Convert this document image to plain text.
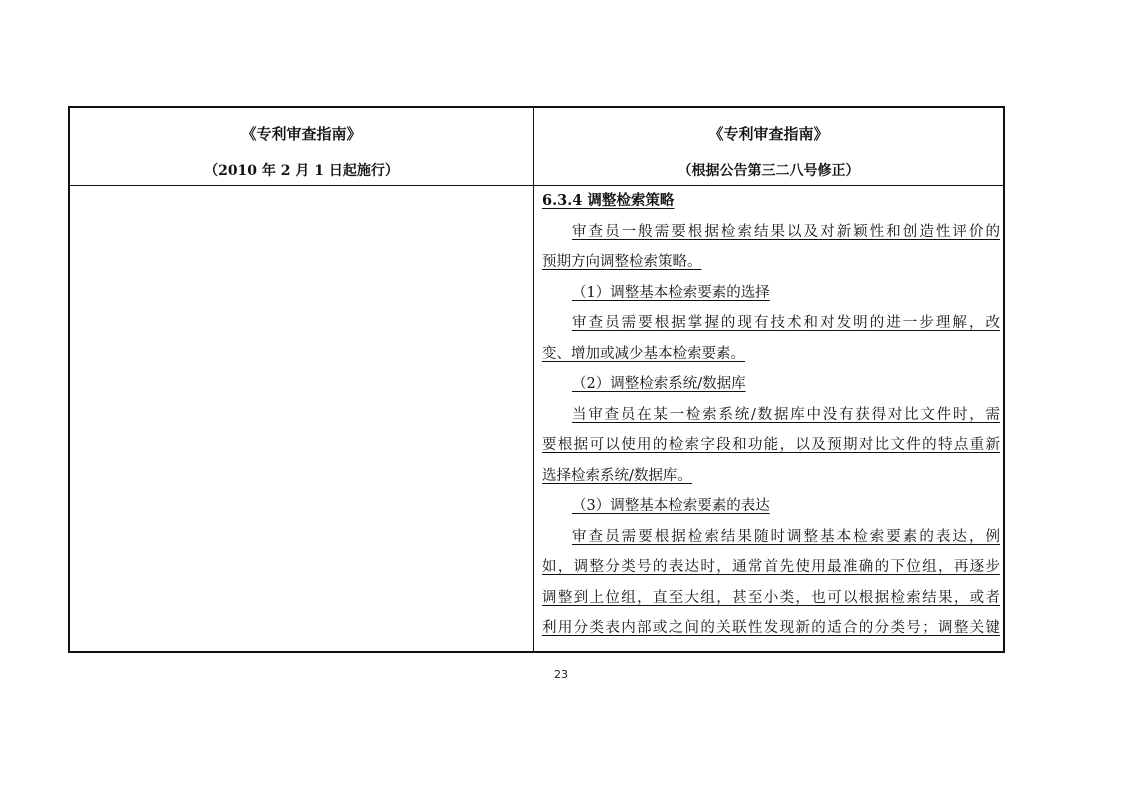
《专利审查指南》
（2010 年 2 月 1 日起施行）
《专利审查指南》
（根据公告第三二八号修正）
6.3.4 调整检索策略
审查员一般需要根据检索结果以及对新颖性和创造性评价的
预期方向调整检索策略。
（1）调整基本检索要素的选择
审查员需要根据掌握的现有技术和对发明的进一步理解，改
变、增加或减少基本检索要素。
（2）调整检索系统/数据库
当审查员在某一检索系统/数据库中没有获得对比文件时，需
要根据可以使用的检索字段和功能，以及预期对比文件的特点重新
选择检索系统/数据库。
（3）调整基本检索要素的表达
审查员需要根据检索结果随时调整基本检索要素的表达，例
如，调整分类号的表达时，通常首先使用最准确的下位组，再逐步
调整到上位组，直至大组，甚至小类，也可以根据检索结果，或者
利用分类表内部或之间的关联性发现新的适合的分类号；调整关键
23
